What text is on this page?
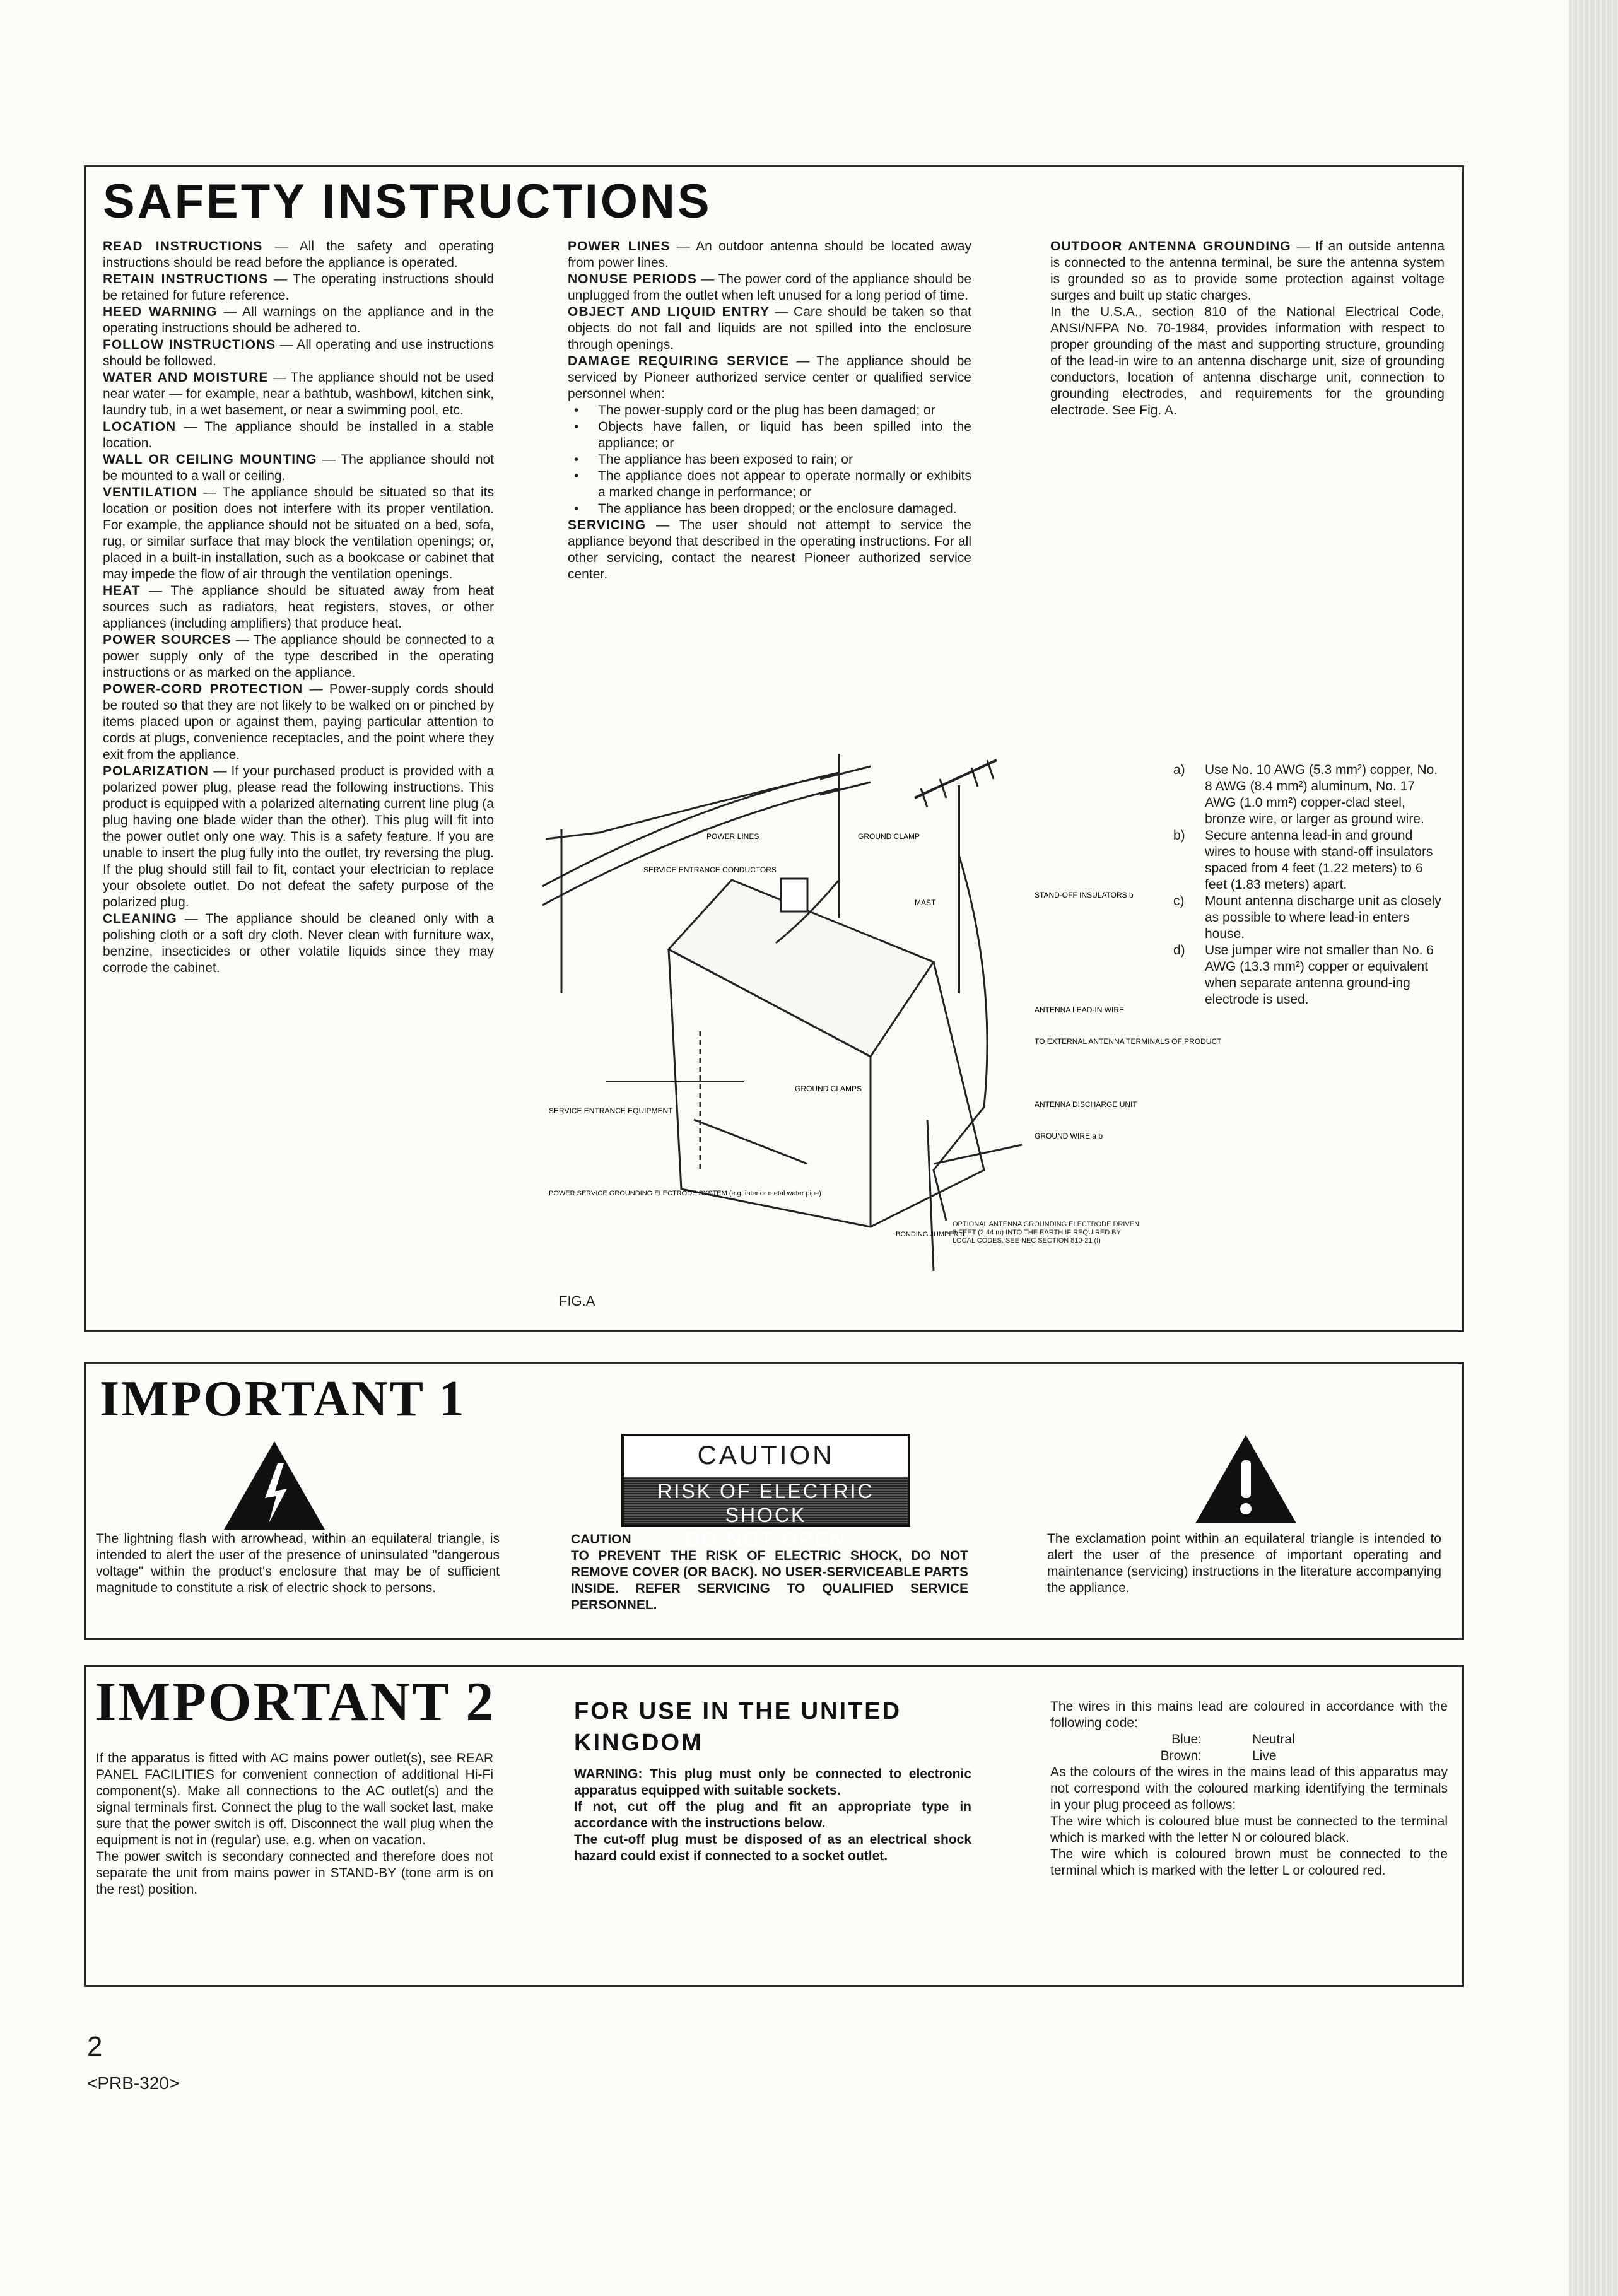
SAFETY INSTRUCTIONS

READ INSTRUCTIONS — All the safety and operating instructions should be read before the appliance is operated.

RETAIN INSTRUCTIONS — The operating instructions should be retained for future reference.

HEED WARNING — All warnings on the appliance and in the operating instructions should be adhered to.

FOLLOW INSTRUCTIONS — All operating and use instructions should be followed.

WATER AND MOISTURE — The appliance should not be used near water — for example, near a bathtub, washbowl, kitchen sink, laundry tub, in a wet basement, or near a swimming pool, etc.

LOCATION — The appliance should be installed in a stable location.

WALL OR CEILING MOUNTING — The appliance should not be mounted to a wall or ceiling.

VENTILATION — The appliance should be situated so that its location or position does not interfere with its proper ventilation. For example, the appliance should not be situated on a bed, sofa, rug, or similar surface that may block the ventilation openings; or, placed in a built-in installation, such as a bookcase or cabinet that may impede the flow of air through the ventilation openings.

HEAT — The appliance should be situated away from heat sources such as radiators, heat registers, stoves, or other appliances (including amplifiers) that produce heat.

POWER SOURCES — The appliance should be connected to a power supply only of the type described in the operating instructions or as marked on the appliance.

POWER-CORD PROTECTION — Power-supply cords should be routed so that they are not likely to be walked on or pinched by items placed upon or against them, paying particular attention to cords at plugs, convenience receptacles, and the point where they exit from the appliance.

POLARIZATION — If your purchased product is provided with a polarized power plug, please read the following instructions. This product is equipped with a polarized alternating current line plug (a plug having one blade wider than the other). This plug will fit into the power outlet only one way. This is a safety feature. If you are unable to insert the plug fully into the outlet, try reversing the plug. If the plug should still fail to fit, contact your electrician to replace your obsolete outlet. Do not defeat the safety purpose of the polarized plug.

CLEANING — The appliance should be cleaned only with a polishing cloth or a soft dry cloth. Never clean with furniture wax, benzine, insecticides or other volatile liquids since they may corrode the cabinet.

POWER LINES — An outdoor antenna should be located away from power lines.

NONUSE PERIODS — The power cord of the appliance should be unplugged from the outlet when left unused for a long period of time.

OBJECT AND LIQUID ENTRY — Care should be taken so that objects do not fall and liquids are not spilled into the enclosure through openings.

DAMAGE REQUIRING SERVICE — The appliance should be serviced by Pioneer authorized service center or qualified service personnel when:

• The power-supply cord or the plug has been damaged; or
• Objects have fallen, or liquid has been spilled into the appliance; or
• The appliance has been exposed to rain; or
• The appliance does not appear to operate normally or exhibits a marked change in performance; or
• The appliance has been dropped; or the enclosure damaged.

SERVICING — The user should not attempt to service the appliance beyond that described in the operating instructions. For all other servicing, contact the nearest Pioneer authorized service center.

OUTDOOR ANTENNA GROUNDING — If an outside antenna is connected to the antenna terminal, be sure the antenna system is grounded so as to provide some protection against voltage surges and built up static charges.

In the U.S.A., section 810 of the National Electrical Code, ANSI/NFPA No. 70-1984, provides information with respect to proper grounding of the mast and supporting structure, grounding of the lead-in wire to an antenna discharge unit, size of grounding conductors, location of antenna discharge unit, connection to grounding electrodes, and requirements for the grounding electrode. See Fig. A.

a)	Use No. 10 AWG (5.3 mm²) copper, No. 8 AWG (8.4 mm²) aluminum, No. 17 AWG (1.0 mm²) copper-clad steel, bronze wire, or larger as ground wire.
b)	Secure antenna lead-in and ground wires to house with stand-off insulators spaced from 4 feet (1.22 meters) to 6 feet (1.83 meters) apart.
c)	Mount antenna discharge unit as closely as possible to where lead-in enters house.
d)	Use jumper wire not smaller than No. 6 AWG (13.3 mm²) copper or equivalent when separate antenna ground-ing electrode is used.
POWER LINES	GROUND CLAMP
SERVICE ENTRANCE CONDUCTORS
MAST
STAND-OFF INSULATORS b
ANTENNA LEAD-IN WIRE
TO EXTERNAL ANTENNA TERMINALS OF PRODUCT
GROUND CLAMPS
ANTENNA DISCHARGE UNIT
GROUND WIRE a b
SERVICE ENTRANCE EQUIPMENT
POWER SERVICE GROUNDING ELECTRODE SYSTEM (e.g. interior metal water pipe)
BONDING JUMPER d
OPTIONAL ANTENNA GROUNDING ELECTRODE DRIVEN 8 FEET (2.44 m) INTO THE EARTH IF REQUIRED BY LOCAL CODES. SEE NEC SECTION 810-21 (f)
FIG.A
IMPORTANT 1
The lightning flash with arrowhead, within an equilateral triangle, is intended to alert the user of the presence of uninsulated "dangerous voltage" within the product's enclosure that may be of sufficient magnitude to constitute a risk of electric shock to persons.
CAUTION
RISK OF ELECTRIC SHOCK
DO NOT OPEN
CAUTION
TO PREVENT THE RISK OF ELECTRIC SHOCK, DO NOT REMOVE COVER (OR BACK). NO USER-SERVICEABLE PARTS INSIDE. REFER SERVICING TO QUALIFIED SERVICE PERSONNEL.
The exclamation point within an equilateral triangle is intended to alert the user of the presence of important operating and maintenance (servicing) instructions in the literature accompanying the appliance.
IMPORTANT 2
If the apparatus is fitted with AC mains power outlet(s), see REAR PANEL FACILITIES for convenient connection of additional Hi-Fi component(s). Make all connections to the AC outlet(s) and the signal terminals first. Connect the plug to the wall socket last, make sure that the power switch is off. Disconnect the wall plug when the equipment is not in (regular) use, e.g. when on vacation.
The power switch is secondary connected and therefore does not separate the unit from mains power in STAND-BY (tone arm is on the rest) position.
FOR USE IN THE UNITED KINGDOM
WARNING: This plug must only be connected to electronic apparatus equipped with suitable sockets.
If not, cut off the plug and fit an appropriate type in accordance with the instructions below.
The cut-off plug must be disposed of as an electrical shock hazard could exist if connected to a socket outlet.
The wires in this mains lead are coloured in accordance with the following code:
Blue:	Neutral
Brown:	Live
As the colours of the wires in the mains lead of this apparatus may not correspond with the coloured marking identifying the terminals in your plug proceed as follows:
The wire which is coloured blue must be connected to the terminal which is marked with the letter N or coloured black.
The wire which is coloured brown must be connected to the terminal which is marked with the letter L or coloured red.
2
<PRB-320>
